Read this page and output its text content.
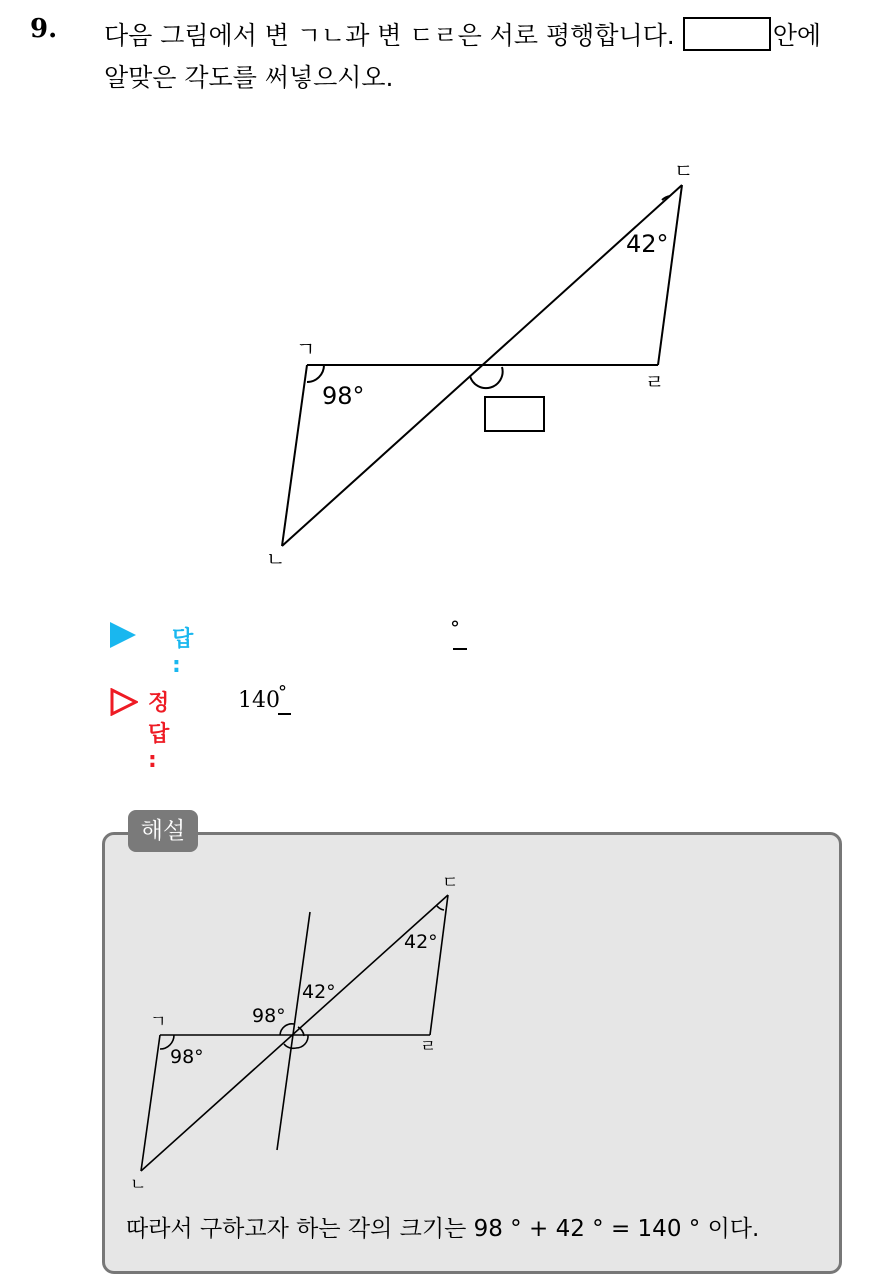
9. 다음 그림에서 변 ㄱㄴ과 변 ㄷㄹ은 서로 평행합니다.	안에
알맞은 각도를 써넣으시오.
ㄱ
ㄴ
ㄷ
ㄹ
98°
42°
답 :
°
정답 :
140
°
해설
ㄱ
ㄴ
ㄷ
ㄹ
98°
42°
98°
42°
따라서 구하고자 하는 각의 크기는 98 ° + 42 ° = 140 ° 이다.
